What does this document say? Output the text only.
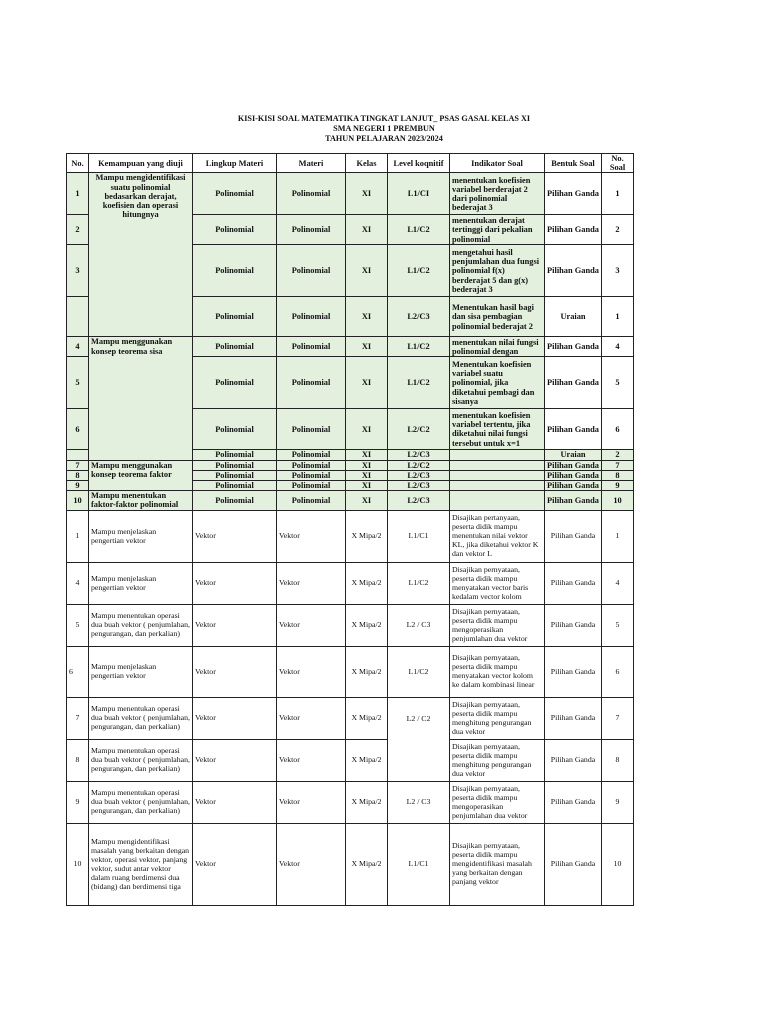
KISI-KISI SOAL MATEMATIKA TINGKAT LANJUT_ PSAS GASAL KELAS XI
SMA NEGERI 1 PREMBUN
TAHUN PELAJARAN 2023/2024
No.	Kemampuan yang diuji	Lingkup Materi	Materi	Kelas	Level koqnitif	Indikator Soal	Bentuk Soal	No. Soal
1	Mampu mengidentifikasi suatu polinomial bedasarkan derajat, koefisien dan operasi hitungnya	Polinomial	Polinomial	XI	L1/CI	menentukan koefisien variabel berderajat 2 dari polinomial bederajat 3	Pilihan Ganda	1
2		Polinomial	Polinomial	XI	L1/C2	menentukan derajat tertinggi dari pekalian polinomial	Pilihan Ganda	2
3		Polinomial	Polinomial	XI	L1/C2	mengetahui hasil penjumlahan dua fungsi polinomial f(x) berderajat 5 dan g(x) bederajat 3	Pilihan Ganda	3
		Polinomial	Polinomial	XI	L2/C3	Menentukan hasil bagi dan sisa pembagian polinomial bederajat 2	Uraian	1
4	Mampu menggunakan konsep teorema sisa	Polinomial	Polinomial	XI	L1/C2	menentukan nilai fungsi polinomial dengan	Pilihan Ganda	4
5		Polinomial	Polinomial	XI	L1/C2	Menentukan koefisien variabel suatu polinomial, jika diketahui pembagi dan sisanya	Pilihan Ganda	5
6		Polinomial	Polinomial	XI	L2/C2	menentukan koefisien variabel tertentu, jika diketahui nilai fungsi tersebut untuk x=1	Pilihan Ganda	6
		Polinomial	Polinomial	XI	L2/C3		Uraian	2
7	Mampu menggunakan konsep teorema faktor	Polinomial	Polinomial	XI	L2/C2		Pilihan Ganda	7
8		Polinomial	Polinomial	XI	L2/C3		Pilihan Ganda	8
9		Polinomial	Polinomial	XI	L2/C3		Pilihan Ganda	9
10	Mampu menentukan faktor-faktor polinomial	Polinomial	Polinomial	XI	L2/C3		Pilihan Ganda	10
1	Mampu menjelaskan pengertian vektor	Vektor	Vektor	X Mipa/2	L1/C1	Disajikan pertanyaan, peserta didik mampu menentukan nilai vektor KL, jika diketahui vektor K dan vektor L	Pilihan Ganda	1
4	Mampu menjelaskan pengertian vektor	Vektor	Vektor	X Mipa/2	L1/C2	Disajikan pernyataan, peserta didik mampu menyatakan vector baris kedalam vector kolom	Pilihan Ganda	4
5	Mampu menentukan operasi dua buah vektor ( penjumlahan, pengurangan, dan perkalian)	Vektor	Vektor	X Mipa/2	L2 / C3	Disajikan pernyataan, peserta didik mampu mengoperasikan penjumlahan dua vektor	Pilihan Ganda	5
6	Mampu menjelaskan pengertian vektor	Vektor	Vektor	X Mipa/2	L1/C2	Disajikan pernyataan, peserta didik mampu menyatakan vector kolom ke dalam kombinasi linear	Pilihan Ganda	6
7	Mampu menentukan operasi dua buah vektor ( penjumlahan, pengurangan, dan perkalian)	Vektor	Vektor	X Mipa/2	L2 / C2	Disajikan pernyataan, peserta didik mampu menghitung pengurangan dua vektor	Pilihan Ganda	7
8	Mampu menentukan operasi dua buah vektor ( penjumlahan, pengurangan, dan perkalian)	Vektor	Vektor	X Mipa/2		Disajikan pernyataan, peserta didik mampu menghitung pengurangan dua vektor	Pilihan Ganda	8
9	Mampu menentukan operasi dua buah vektor ( penjumlahan, pengurangan, dan perkalian)	Vektor	Vektor	X Mipa/2	L2 / C3	Disajikan pernyataan, peserta didik mampu mengoperasikan penjumlahan dua vektor	Pilihan Ganda	9
10	Mampu mengidentifikasi masalah yang berkaitan dengan vektor, operasi vektor, panjang vektor, sudut antar vektor dalam ruang berdimensi dua (bidang) dan berdimensi tiga	Vektor	Vektor	X Mipa/2	L1/C1	Disajikan pernyataan, peserta didik mampu mengidentifikasi masalah yang berkaitan dengan panjang vektor	Pilihan Ganda	10
